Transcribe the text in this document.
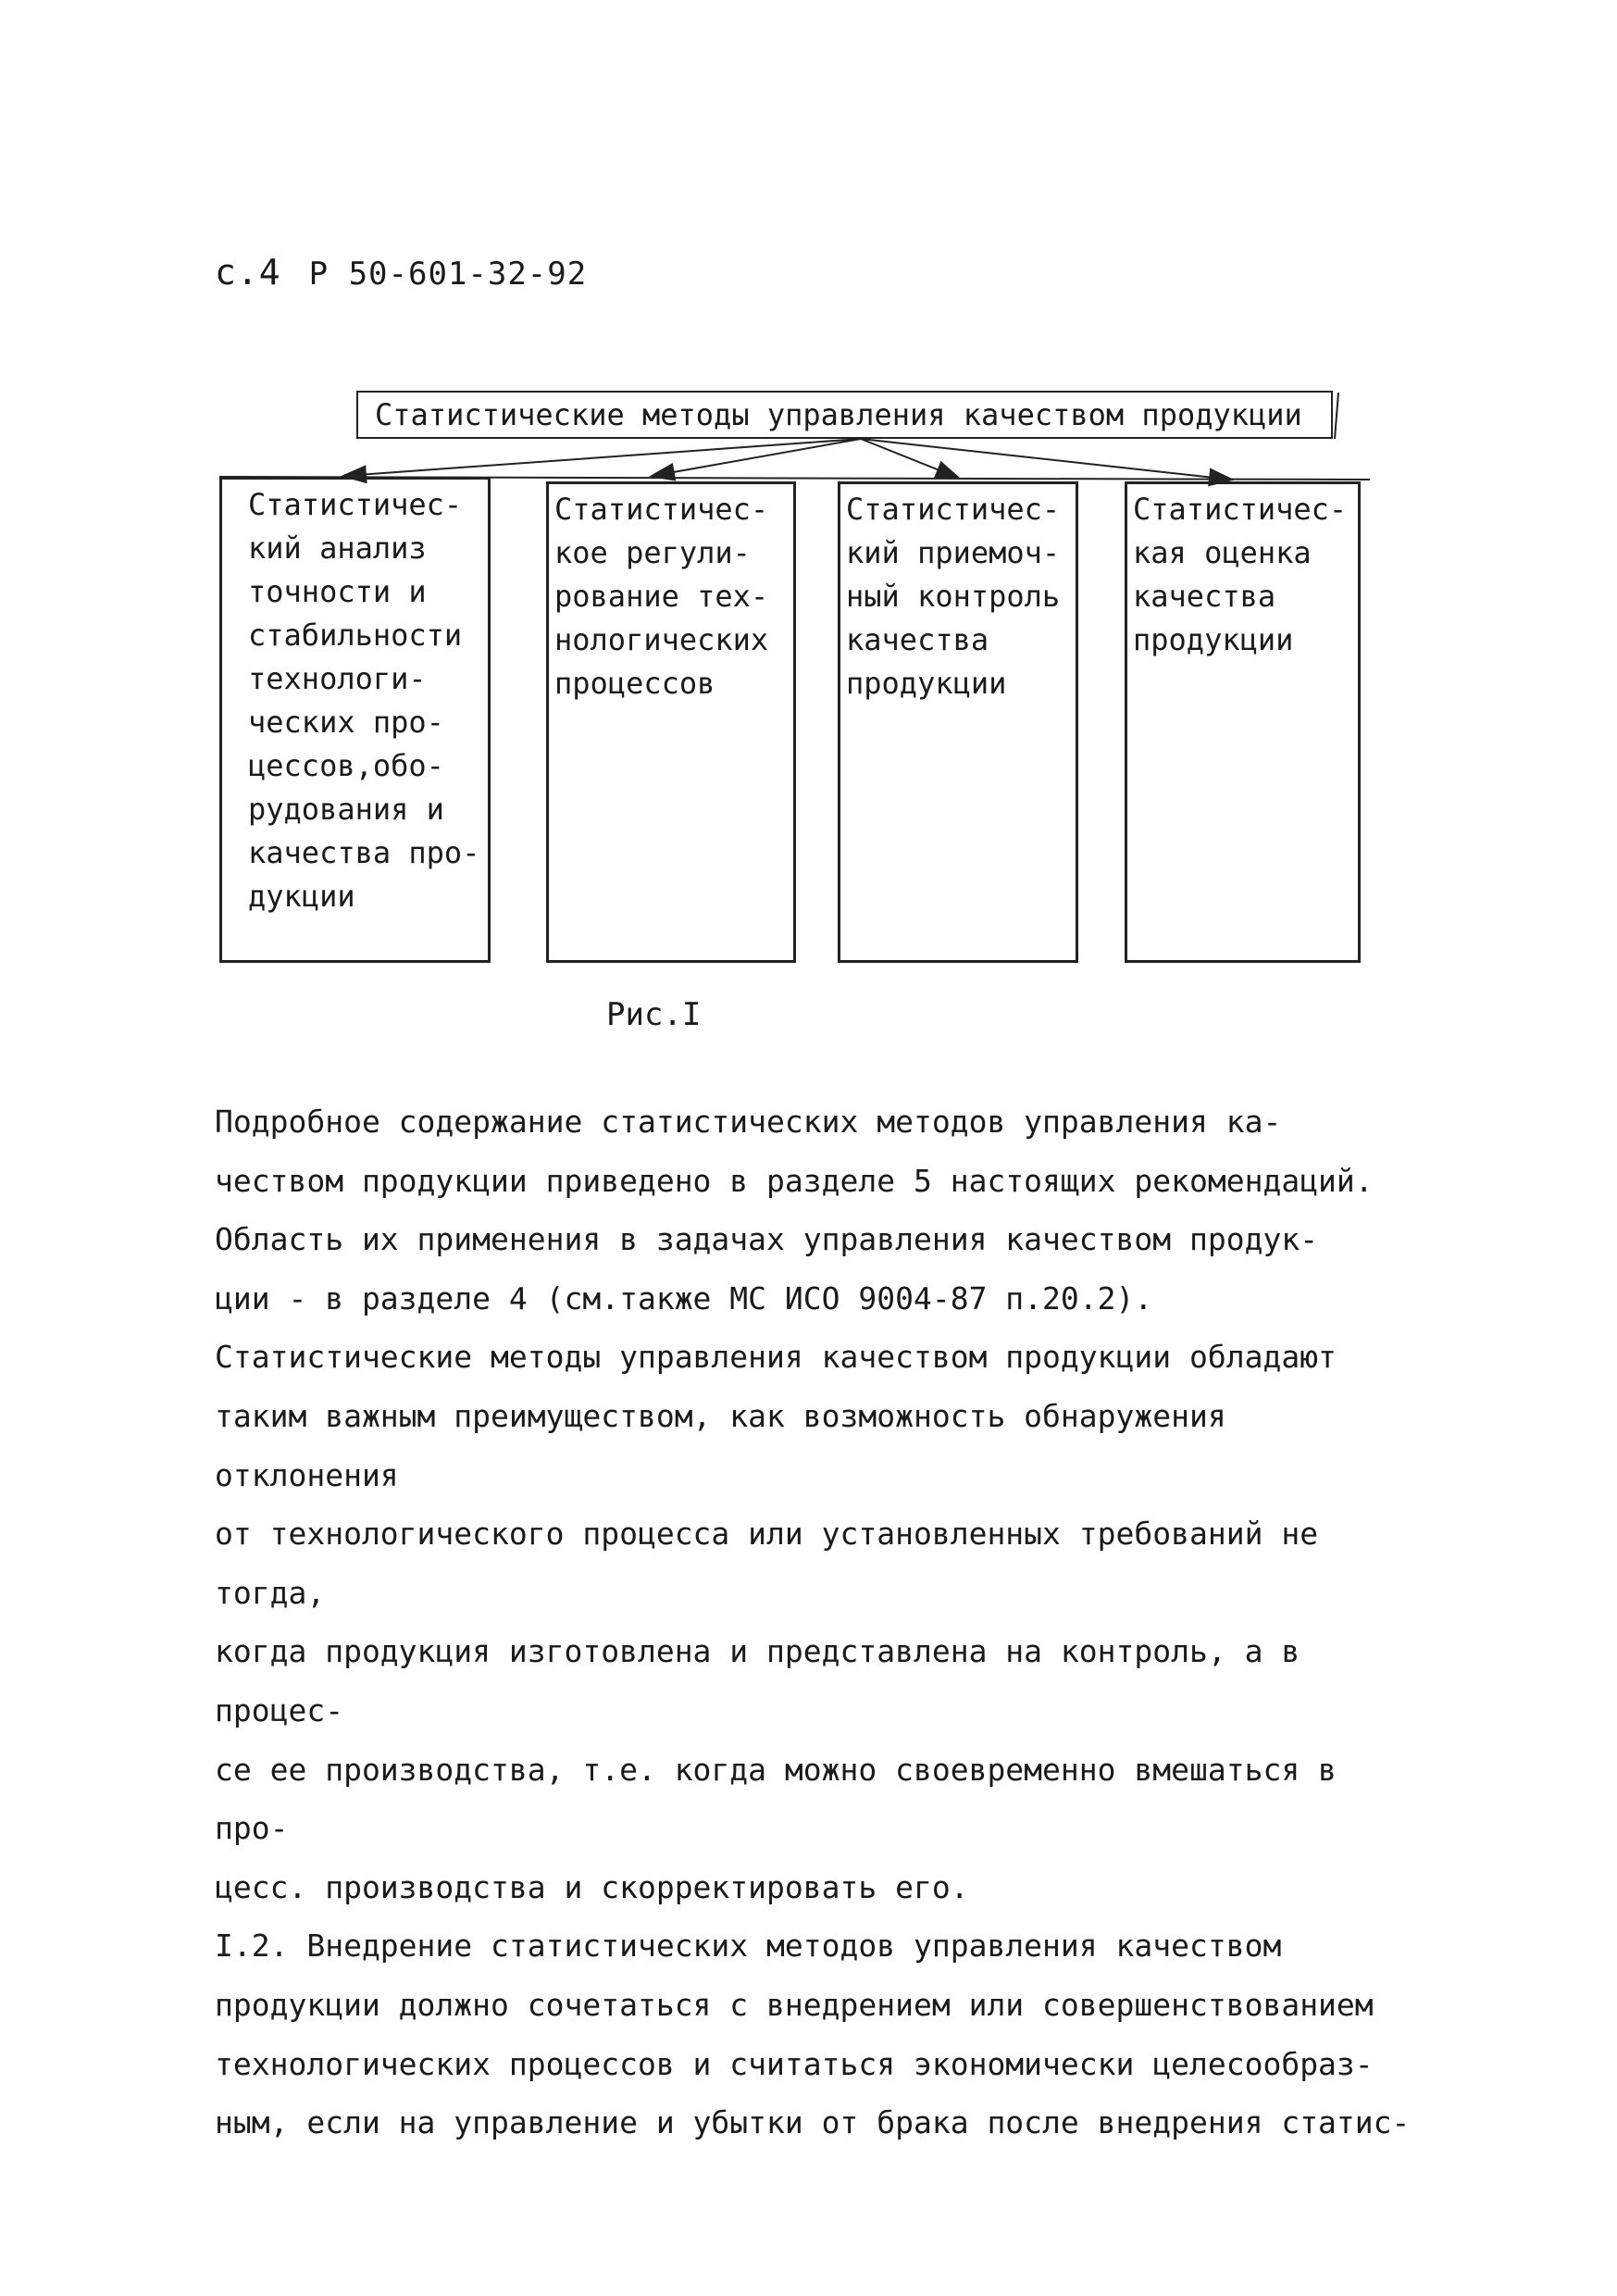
с.4 Р 50-601-32-92
Статистические методы управления качеством продукции
Статистичес-
кий анализ
точности и
стабильности
технологи-
ческих про-
цессов,обо-
рудования и
качества про-
дукции
Статистичес-
кое регули-
рование тех-
нологических
процессов
Статистичес-
кий приемоч-
ный контроль
качества
продукции
Статистичес-
кая оценка
качества
продукции
Рис.I

Подробное содержание статистических методов управления ка-
чеством продукции приведено в разделе 5 настоящих рекомендаций.

Область их применения в задачах управления качеством продук-
ции - в разделе 4 (см.также МС ИСО 9004-87 п.20.2).

Статистические методы управления качеством продукции обладают
таким важным преимуществом, как возможность обнаружения отклонения
от технологического процесса или установленных требований не тогда,
когда продукция изготовлена и представлена на контроль, а в процес-
се ее производства, т.е. когда можно своевременно вмешаться в про-
цесс. производства и скорректировать его.

I.2. Внедрение статистических методов управления качеством
продукции должно сочетаться с внедрением или совершенствованием
технологических процессов и считаться экономически целесообраз-
ным, если на управление и убытки от брака после внедрения статис-
